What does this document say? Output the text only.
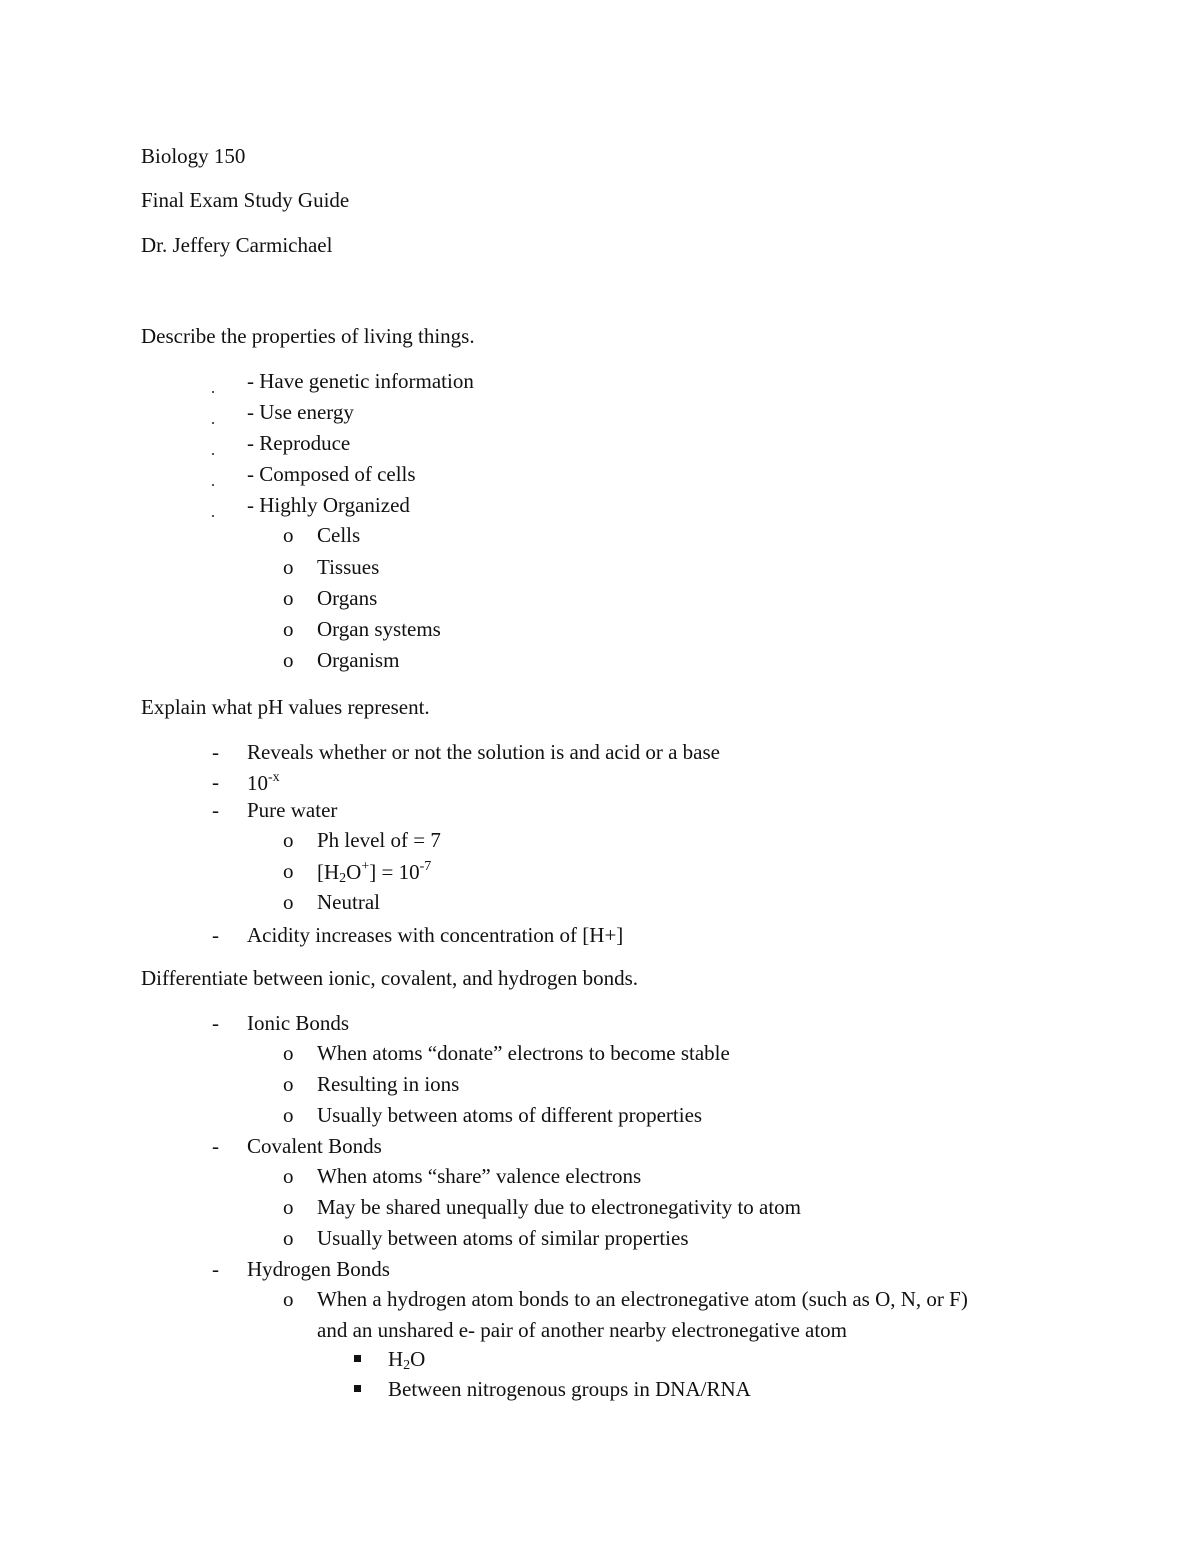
Biology 150
Final Exam Study Guide
Dr. Jeffery Carmichael
Describe the properties of living things.
- Have genetic information
- Use energy
- Reproduce
- Composed of cells
- Highly Organized
o Cells
o Tissues
o Organs
o Organ systems
o Organism
Explain what pH values represent.
- Reveals whether or not the solution is and acid or a base
- $10^{-x}$
- Pure water
o Ph level of = 7
o $[H_2O^+] = 10^{-7}$
o Neutral
- Acidity increases with concentration of [H+]
Differentiate between ionic, covalent, and hydrogen bonds.
- Ionic Bonds
o When atoms “donate” electrons to become stable
o Resulting in ions
o Usually between atoms of different properties
- Covalent Bonds
o When atoms “share” valence electrons
o May be shared unequally due to electronegativity to atom
o Usually between atoms of similar properties
- Hydrogen Bonds
o When a hydrogen atom bonds to an electronegative atom (such as O, N, or F)
and an unshared e- pair of another nearby electronegative atom
$H_2O$
Between nitrogenous groups in DNA/RNA
